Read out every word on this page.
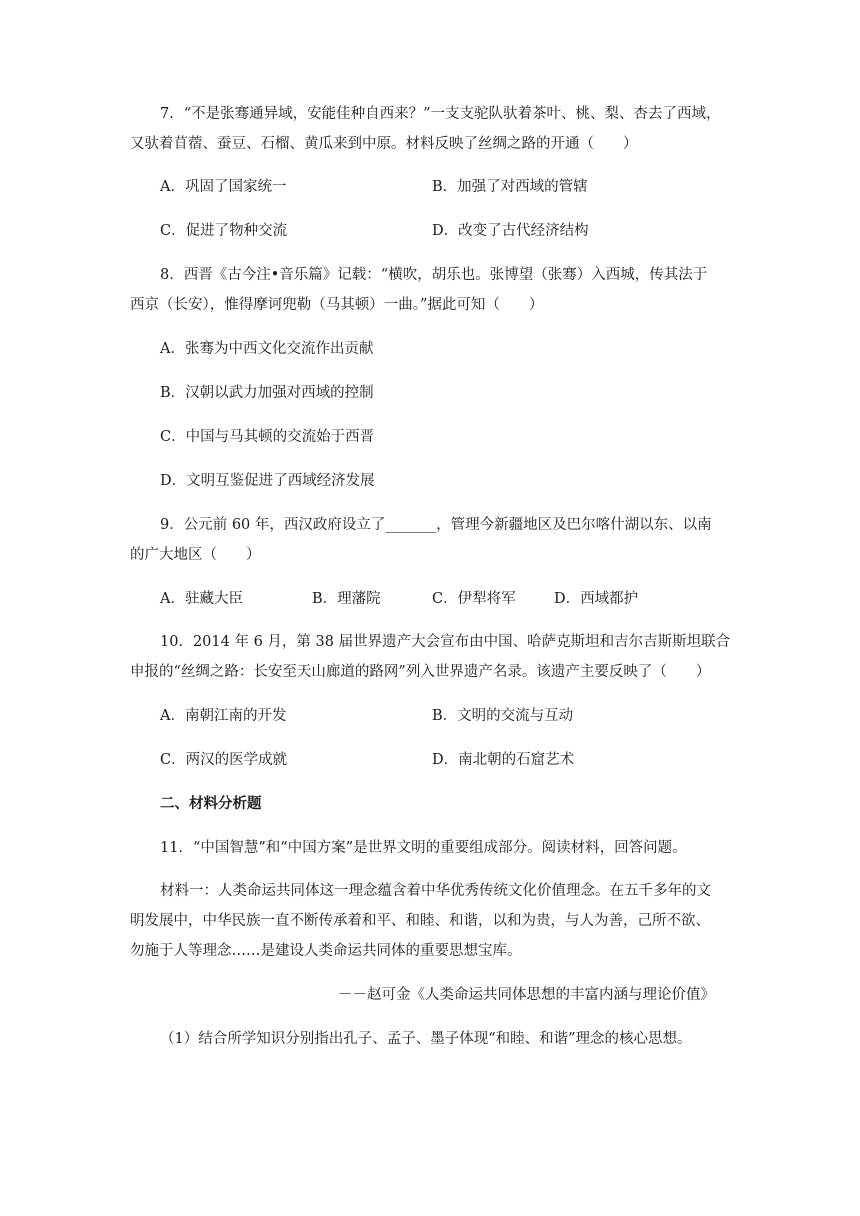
7．“不是张骞通异域，安能佳种自西来？”一支支驼队驮着茶叶、桃、梨、杏去了西域，
又驮着苜蓿、蚕豆、石榴、黄瓜来到中原。材料反映了丝绸之路的开通（　　）
A．巩固了国家统一	B．加强了对西域的管辖
C．促进了物种交流	D．改变了古代经济结构
8．西晋《古今注•音乐篇》记载：“横吹，胡乐也。张博望（张骞）入西城，传其法于
西京（长安），惟得摩诃兜勒（马其顿）一曲。”据此可知（　　）
A．张骞为中西文化交流作出贡献
B．汉朝以武力加强对西域的控制
C．中国与马其顿的交流始于西晋
D．文明互鉴促进了西域经济发展
9．公元前 60 年，西汉政府设立了_______，管理今新疆地区及巴尔喀什湖以东、以南
的广大地区（　　）
A．驻藏大臣	B．理藩院	C．伊犁将军	D．西域都护
10．2014 年 6 月，第 38 届世界遗产大会宣布由中国、哈萨克斯坦和吉尔吉斯斯坦联合
申报的“丝绸之路：长安至天山廊道的路网”列入世界遗产名录。该遗产主要反映了（　　）
A．南朝江南的开发	B．文明的交流与互动
C．两汉的医学成就	D．南北朝的石窟艺术
二、材料分析题
11．“中国智慧”和“中国方案”是世界文明的重要组成部分。阅读材料，回答问题。
材料一：人类命运共同体这一理念蕴含着中华优秀传统文化价值理念。在五千多年的文
明发展中，中华民族一直不断传承着和平、和睦、和谐，以和为贵，与人为善，己所不欲、
勿施于人等理念……是建设人类命运共同体的重要思想宝库。
－－赵可金《人类命运共同体思想的丰富内涵与理论价值》
（1）结合所学知识分别指出孔子、孟子、墨子体现“和睦、和谐”理念的核心思想。
